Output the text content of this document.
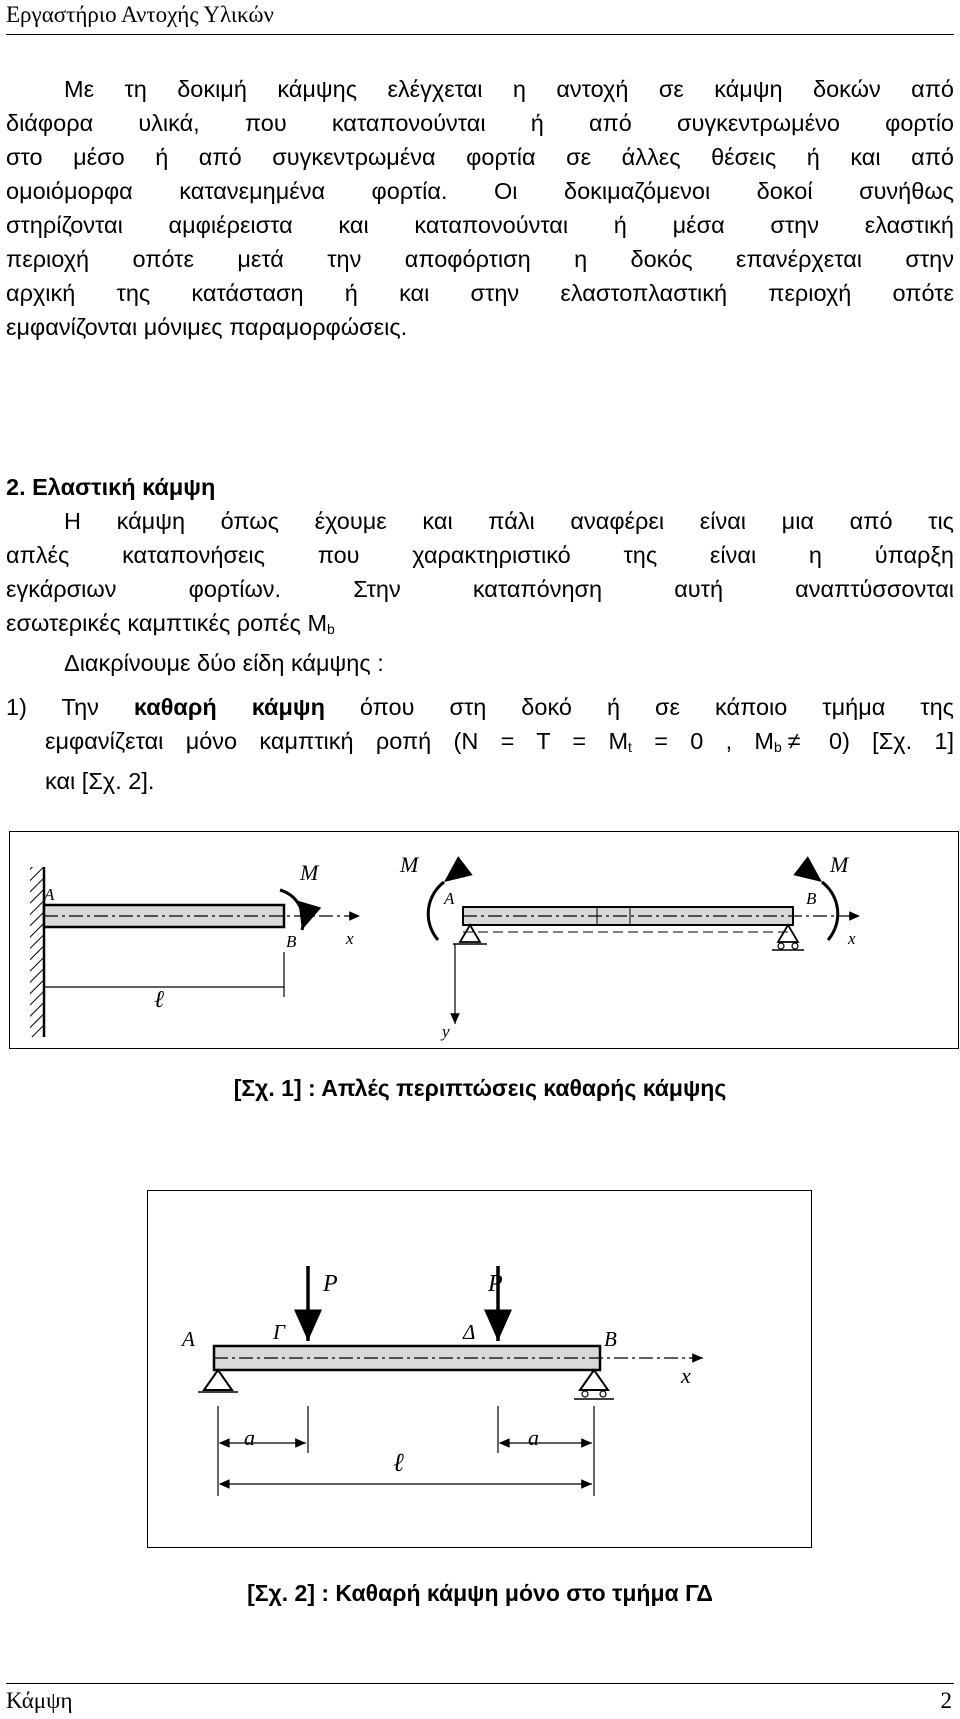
Εργαστήριο Αντοχής Υλικών
Με τη δοκιμή κάμψης ελέγχεται η αντοχή σε κάμψη δοκών από
διάφορα υλικά, που καταπονούνται ή από συγκεντρωμένο φορτίο
στο μέσο ή από συγκεντρωμένα φορτία σε άλλες θέσεις ή και από
ομοιόμορφα κατανεμημένα φορτία. Οι δοκιμαζόμενοι δοκοί συνήθως
στηρίζονται αμφιέρειστα και καταπονούνται ή μέσα στην ελαστική
περιοχή οπότε μετά την αποφόρτιση η δοκός επανέρχεται στην
αρχική της κατάσταση ή και στην ελαστοπλαστική περιοχή οπότε
εμφανίζονται μόνιμες παραμορφώσεις.
2. Ελαστική κάμψη
Η κάμψη όπως έχουμε και πάλι αναφέρει είναι μια από τις
απλές καταπονήσεις που χαρακτηριστικό της είναι η ύπαρξη
εγκάρσιων φορτίων. Στην καταπόνηση αυτή αναπτύσσονται
εσωτερικές καμπτικές ροπές $M_b$
Διακρίνουμε δύο είδη κάμψης :
1) Την καθαρή κάμψη όπου στη δοκό ή σε κάποιο τμήμα της
εμφανίζεται μόνο καμπτική ροπή ($N = T = M_t = 0$ , $M_b \ne 0$) [Σχ. 1]
και [Σχ. 2].
A
B
M
x
ℓ
y
M	M
A	B
x
[Σχ. 1] : Απλές περιπτώσεις καθαρής κάμψης
P	P
Γ	Δ
A	B
x
a	a
ℓ
[Σχ. 2] : Καθαρή κάμψη μόνο στο τμήμα ΓΔ
Κάμψη	2
